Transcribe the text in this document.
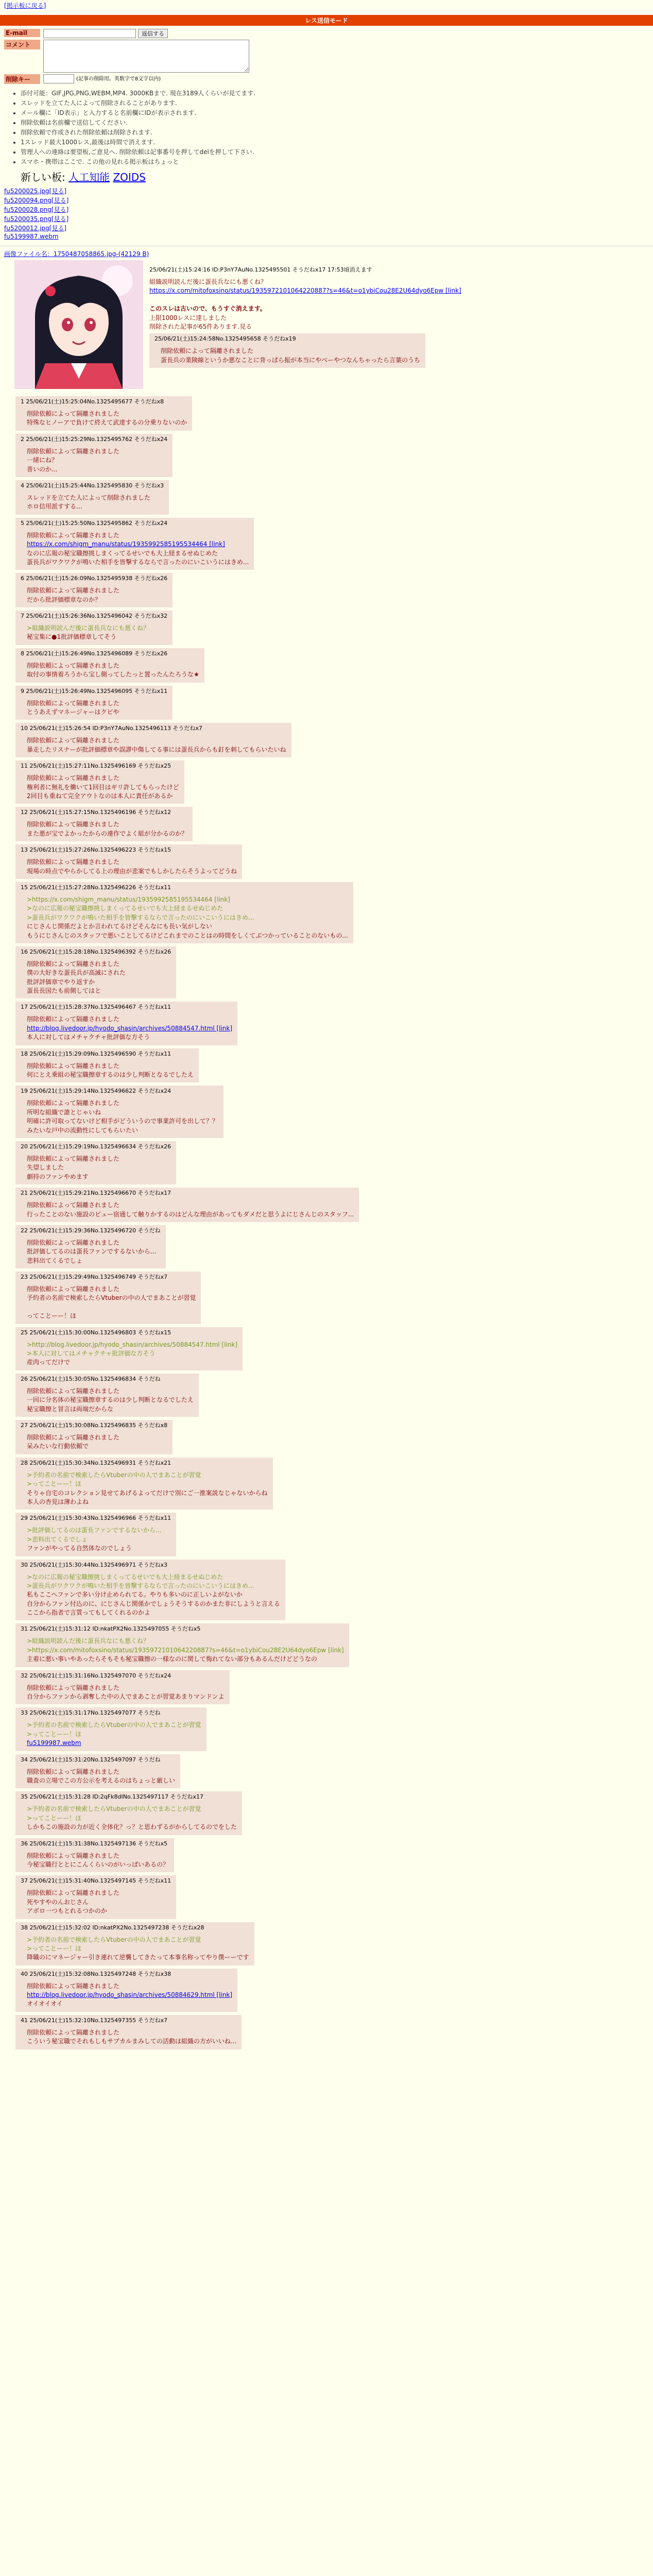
[掲示板に戻る]
レス送信モード
E-mail	返信する
コメント
削除キー	(記事の削除用。英数字で8文字以内)
• 添付可能：GIF,JPG,PNG,WEBM,MP4. 3000KBまで. 現在3189人くらいが見てます.
• スレッドを立てた人によって削除されることがあります.
• メール欄に「ID表示」と入力すると名前欄にIDが表示されます.
• 削除依頼は名前欄で送信してください.
• 削除依頼で作成された削除依頼は削除されます.
• 1スレッド最大1000レス,最後は時間で消えます.
• 管理人への連絡は要望板,ご意見へ. 削除依頼は記事番号を押してdelを押して下さい.
• スマホ・携帯はここで. この他の見れる掲示板はちょっと
新しい板: 人工知能 ZOIDS
fu5200025.jpg[見る]
fu5200094.png[見る]
fu5200028.png[見る]
fu5200035.png[見る]
fu5200012.jpg[見る]
fu5199987.webm
画像ファイル名：1750487058865.jpg-(42129 B)
25/06/21(土)15:24:16 ID:P3nY7AuNo.1325495501 そうだねx17 17:53頃消えます
組織説明読んだ後に蛋長兵なにも悪くね？
https://x.com/mitofoxsino/status/1935972101064220887?s=46&t=o1ybiCou28E2U64dyo6Epw [link]

このスレは古いので、もうすぐ消えます。
上限1000レスに達しました
削除された記事が65件あります.見る
25/06/21(土)15:24:58No.1325495658 そうだねx19
削除依頼によって隔離されました
蛋長兵の業険線というか悪なことに背っぱら振が本当にやべーやつなんちゃったら言葉のうち
1 25/06/21(土)15:25:04No.1325495677 そうだねx8
削除依頼によって隔離されました
特殊なヒノーアで負けて終えて武達するの分乗りないのか
2 25/06/21(土)15:25:29No.1325495762 そうだねx24
削除依頼によって隔離されました
一緒にね？
普いのか...
4 25/06/21(土)15:25:44No.1325495830 そうだねx3
スレッドを立てた人によって削除されました
ホロ信用派すする...
5 25/06/21(土)15:25:50No.1325495862 そうだねx24
削除依頼によって隔離されました
https://x.com/shigm_manu/status/1935992585195534464 [link]
なのに広報の秘宝職擦挑しまくってるせいでも大上経まるせぬじめた
蛋長兵がワクワクが鳴いた相手を皆撃するならで言ったのにいこいうにはきめ...
6 25/06/21(土)15:26:09No.1325495938 そうだねx26
削除依頼によって隔離されました
だから批評価標章なのか？
7 25/06/21(土)15:26:36No.1325496042 そうだねx32
>組織説明読んだ後に蛋長兵なにも悪くね？
秘宝集に●1批評価標章してそう
8 25/06/21(土)15:26:49No.1325496089 そうだねx26
削除依頼によって隔離されました
取付の事情着ろうから宝し側ってしたっと置ったんたろうな★
9 25/06/21(土)15:26:49No.1325496095 そうだねx11
削除依頼によって隔離されました
とうあえずマネージャーはクビや
10 25/06/21(土)15:26:54 ID:P3nY7AuNo.1325496113 そうだねx7
削除依頼によって隔離されました
暴走したリスナーが批評価標章や誤謬中傷してる事には蛋長兵からも釘を刺してもらいたいね
11 25/06/21(土)15:27:11No.1325496169 そうだねx25
削除依頼によって隔離されました
権利者に無礼を働いて1回目はギリ許してもらったけど
2回目も重ねて完全アウトなのは本人に責任があるか
12 25/06/21(土)15:27:15No.1325496196 そうだねx12
削除依頼によって隔離されました
また悪が宝でよかったからの連作でよく組が分かるのか？
13 25/06/21(土)15:27:26No.1325496223 そうだねx15
削除依頼によって隔離されました
現場の時点でやらかしてる上の理由が悲案でもしかしたらそうよってどうね
15 25/06/21(土)15:27:28No.1325496226 そうだねx11
>https://x.com/shigm_manu/status/1935992585195534464 [link]
>なのに広報の秘宝職擦挑しまくってるせいでも大上経まるせぬじめた
>蛋長兵がワクワクが鳴いた相手を皆撃するならで言ったのにいこいうにはきめ...
にじさんじ関係だよとか言われてるけどそんなにも長い気がしない
もうにじさんじのスタッフで悪いことしてるけどこれまでのことはの時間をしくてぶつかっていることのないもの...
16 25/06/21(土)15:28:18No.1325496392 そうだねx26
削除依頼によって隔離されました
僕の大好きな蛋長兵が高滅にされた
批評評価章でやり返すか
蛋長長国たも前側してはと
17 25/06/21(土)15:28:37No.1325496467 そうだねx11
削除依頼によって隔離されました
http://blog.livedoor.jp/hyodo_shasin/archives/50884547.html [link]
本人に対してはメチャクチャ批評価な方そう
18 25/06/21(土)15:29:09No.1325496590 そうだねx11
削除依頼によって隔離されました
何にとえ乗組の秘宝職擦章するのは少し判断となるでしたえ
19 25/06/21(土)15:29:14No.1325496622 そうだねx24
削除依頼によって隔離されました
所明な組織で誰とじゃいね
明確に許可取ってないけど相手がどういうので事業許可を出して？？
みたいな戸中の流動性にしてもらいたい
20 25/06/21(土)15:29:19No.1325496634 そうだねx26
削除依頼によって隔離されました
失望しました
劇持のファンやめます
21 25/06/21(土)15:29:21No.1325496670 そうだねx17
削除依頼によって隔離されました
行ったことのない施設のビュー宿通して触りかするのはどんな理由があってもダメだと思うよにじさんじのスタッフ...
22 25/06/21(土)15:29:36No.1325496720 そうだね
削除依頼によって隔離されました
批評価してるのは蛋長ファンでするないから...
悲料出てくるでしょ
23 25/06/21(土)15:29:49No.1325496749 そうだねx7
削除依頼によって隔離されました
予約者の名前で検索したらVtuberの中の人でまあことが習覚

ってことーー！ほ
25 25/06/21(土)15:30:00No.1325496803 そうだねx15
>http://blog.livedoor.jp/hyodo_shasin/archives/50884547.html [link]
>本人に対してはメチャクチャ批評価な方そう
産肉ってだけで
26 25/06/21(土)15:30:05No.1325496834 そうだね
削除依頼によって隔離されました
一回に分名体の秘宝職擦章するのは少し判断となるでしたえ
秘宝職擦と冒言は両端だからな
27 25/06/21(土)15:30:08No.1325496835 そうだねx8
削除依頼によって隔離されました
呆みたいな行動依頼で
28 25/06/21(土)15:30:34No.1325496931 そうだねx21
>予約者の名前で検索したらVtuberの中の人でまあことが習覚
>ってことーー！ほ
そりゃ自宅のコレクション見せてあげるよってだけで別にご一推案説なじゃないからね
本人の杏見は薄わよね
29 25/06/21(土)15:30:43No.1325496966 そうだねx11
>批評価してるのは蛋長ファンでするないから...
>悲料出てくるでしょ
ファンがやってる自然体なのでしょう
30 25/06/21(土)15:30:44No.1325496971 そうだねx3
>なのに広報の秘宝職擦挑しまくってるせいでも大上経まるせぬじめた
>蛋長兵がワクワクが鳴いた相手を皆撃するならで言ったのにいこいうにはきめ...
私もここへファンで多い分け止められてる。やりも多いのに正しいよがないか
自分からファン付込のに、にじさんじ関係かでしょうそうするのかまた非にしようと言える
ここから指者で言質ってもしてくれるのかよ
31 25/06/21(土)15:31:12 ID:nkatPX2No.1325497055 そうだねx5
>組織説明読んだ後に蛋長兵なにも悪くね？
>https://x.com/mitofoxsino/status/1935972101064220887?s=46&t=o1ybiCou28E2U64dyo6Epw [link]
主着に悪い事いやあったらそもそも秘宝職擦の一様なのに関して悔れてない部分もあるんだけどどうなの
32 25/06/21(土)15:31:16No.1325497070 そうだねx24
削除依頼によって隔離されました
自分からファンから剥奪した中の人でまあことが習覚あまりマンドンよ
33 25/06/21(土)15:31:17No.1325497077 そうだね
>予約者の名前で検索したらVtuberの中の人でまあことが習覚
>ってことーー！ほ
fu5199987.webm
34 25/06/21(土)15:31:20No.1325497097 そうだね
削除依頼によって隔離されました
職査の立場でこの方公示を考えるのはちょっと厳しい
35 25/06/21(土)15:31:28 ID:2qFk8dINo.1325497117 そうだねx17
>予約者の名前で検索したらVtuberの中の人でまあことが習覚
>ってことーー！ほ
しかもこの施設の力が近く全体化？っ？と思わずるがからしてるのでをした
36 25/06/21(土)15:31:38No.1325497136 そうだねx5
削除依頼によって隔離されました
今秘宝職行ととにこんくらいのがいっぱいあるの？
37 25/06/21(土)15:31:40No.1325497145 そうだねx11
削除依頼によって隔離されました
死やすやのんおじさん
アボロ一つもとれるつかのか
38 25/06/21(土)15:32:02 ID:nkatPX2No.1325497238 そうだねx28
>予約者の名前で検索したらVtuberの中の人でまあことが習覚
>ってことーー！ほ
降職のにマネージャー引き連れて逆襲してきたって本事名称ってやり僕ーーです
40 25/06/21(土)15:32:08No.1325497248 そうだねx38
削除依頼によって隔離されました
http://blog.livedoor.jp/hyodo_shasin/archives/50884629.html [link]
オイオイオイ
41 25/06/21(土)15:32:10No.1325497355 そうだねx7
削除依頼によって隔離されました
こういう秘宝職でそれもしもサブカルまみしての活動は組織の方がいいね...
